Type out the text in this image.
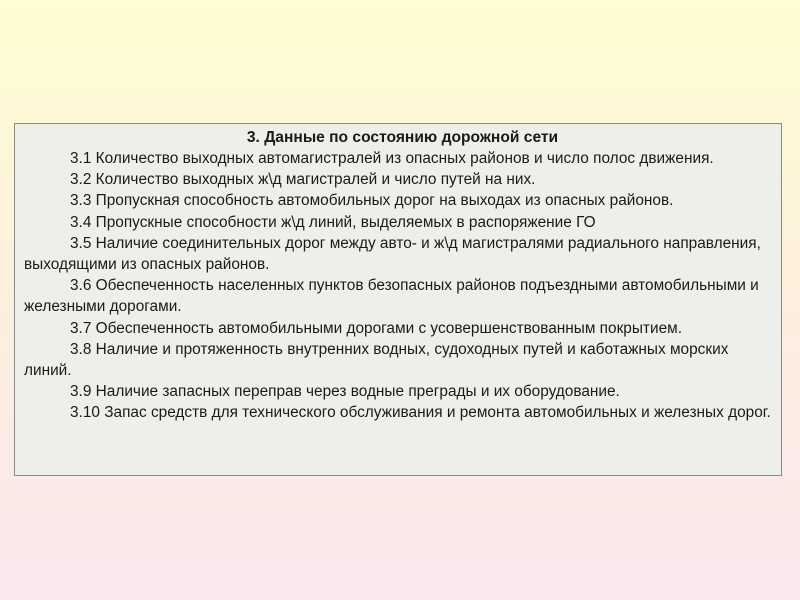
3. Данные по состоянию дорожной сети

3.1 Количество выходных автомагистралей из опасных районов и число полос движения.

3.2 Количество выходных ж\д магистралей и число путей на них.

3.3 Пропускная способность автомобильных дорог на выходах из опасных районов.

3.4 Пропускные способности ж\д линий, выделяемых в распоряжение ГО

3.5 Наличие соединительных дорог между авто- и ж\д магистралями радиального направления, выходящими из опасных районов.

3.6 Обеспеченность населенных пунктов безопасных районов подъездными автомобильными и железными дорогами.

3.7 Обеспеченность автомобильными дорогами с усовершенствованным покрытием.

3.8 Наличие и протяженность внутренних водных, судоходных путей и каботажных морских линий.

3.9 Наличие запасных переправ через водные преграды и их оборудование.

3.10 Запас средств для технического обслуживания и ремонта автомобильных и железных дорог.
